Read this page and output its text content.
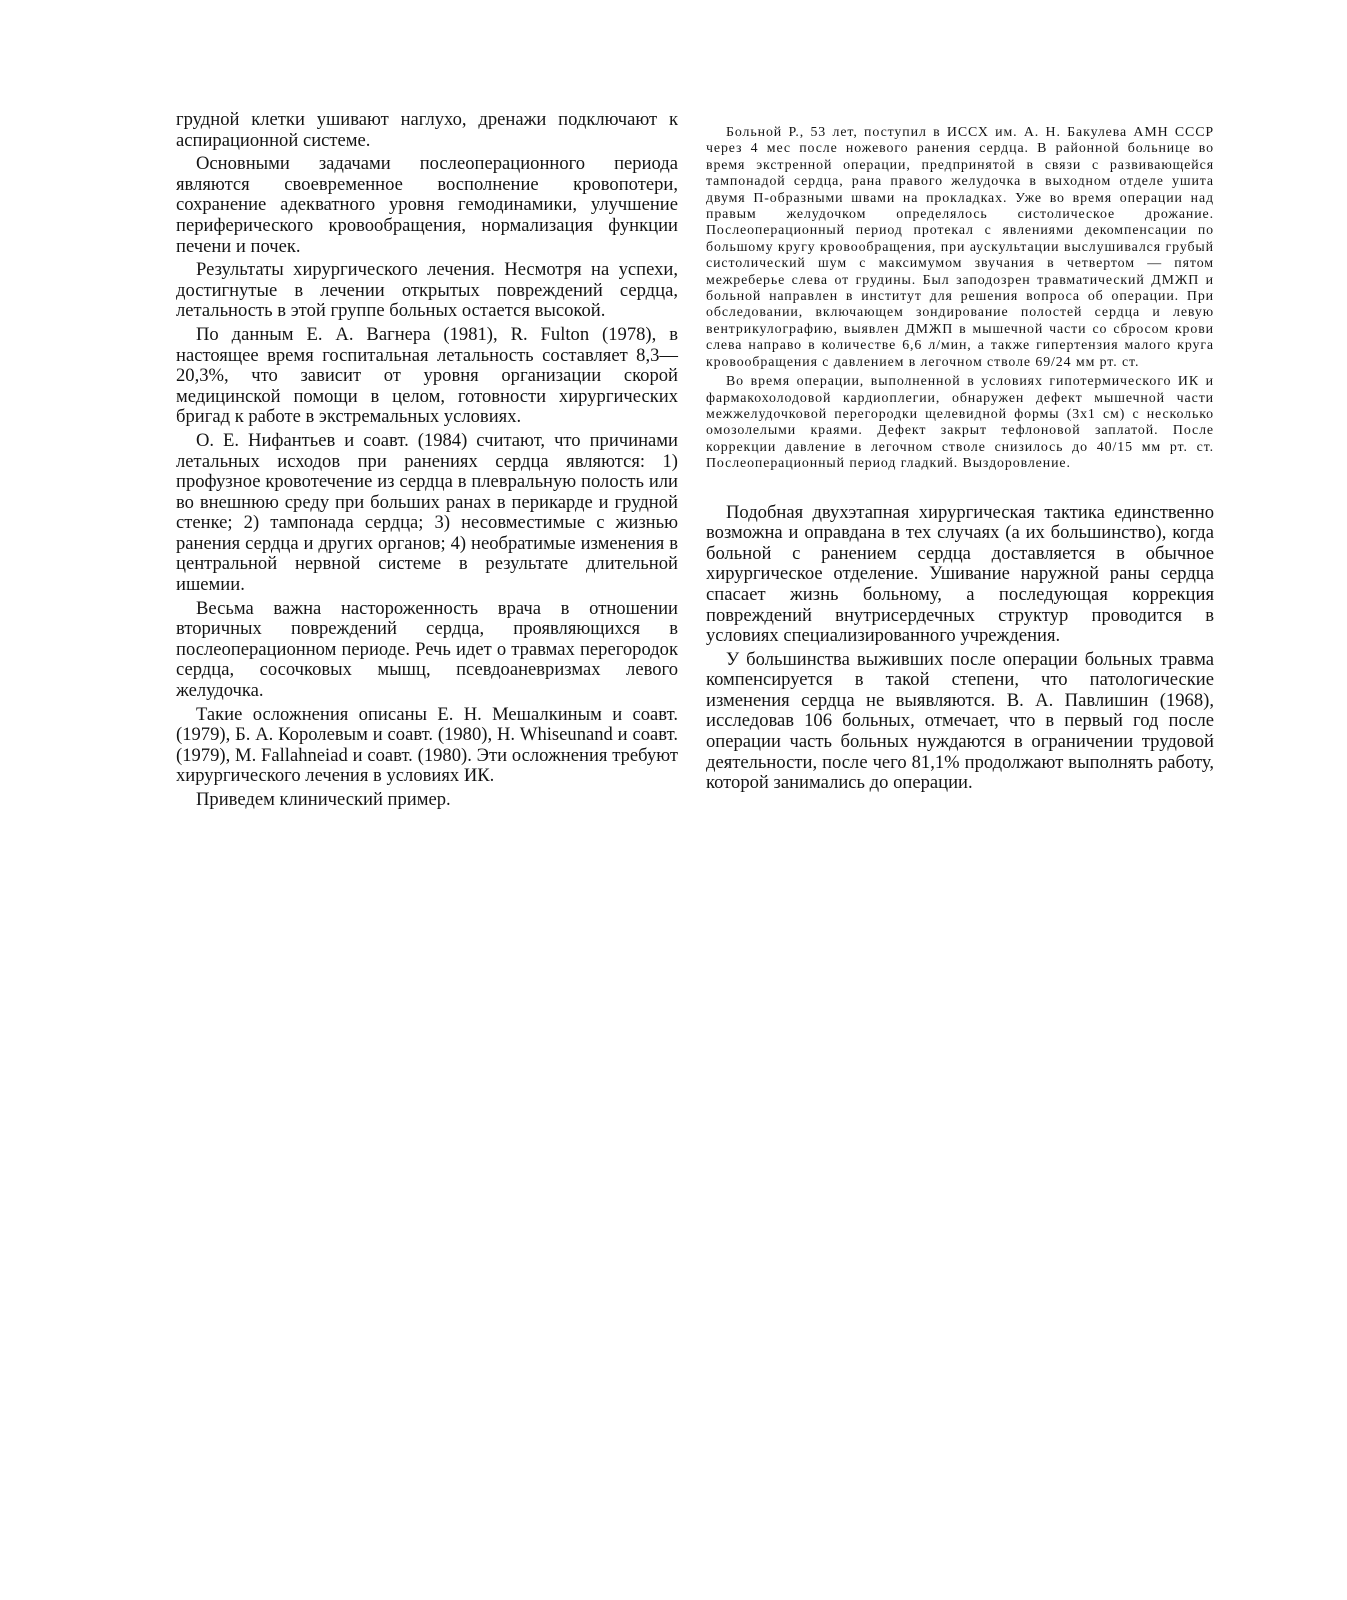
грудной клетки ушивают наглухо, дренажи подключают к аспирационной системе.

Основными задачами послеоперационного периода являются своевременное восполнение кровопотери, сохранение адекватного уровня гемодинамики, улучшение периферического кровообращения, нормализация функции печени и почек.

Результаты хирургического лечения. Несмотря на успехи, достигнутые в лечении открытых повреждений сердца, летальность в этой группе больных остается высокой.

По данным Е. А. Вагнера (1981), R. Fulton (1978), в настоящее время госпитальная летальность составляет 8,3—20,3%, что зависит от уровня организации скорой медицинской помощи в целом, готовности хирургических бригад к работе в экстремальных условиях.

О. Е. Нифантьев и соавт. (1984) считают, что причинами летальных исходов при ранениях сердца являются: 1) профузное кровотечение из сердца в плевральную полость или во внешнюю среду при больших ранах в перикарде и грудной стенке; 2) тампонада сердца; 3) несовместимые с жизнью ранения сердца и других органов; 4) необратимые изменения в центральной нервной системе в результате длительной ишемии.

Весьма важна настороженность врача в отношении вторичных повреждений сердца, проявляющихся в послеоперационном периоде. Речь идет о травмах перегородок сердца, сосочковых мышц, псевдоаневризмах левого желудочка.

Такие осложнения описаны Е. Н. Мешалкиным и соавт. (1979), Б. А. Королевым и соавт. (1980), Н. Whiseunand и соавт. (1979), М. Fallahneiad и соавт. (1980). Эти осложнения требуют хирургического лечения в условиях ИК.

Приведем клинический пример.

Больной Р., 53 лет, поступил в ИССХ им. А. Н. Бакулева АМН СССР через 4 мес после ножевого ранения сердца. В районной больнице во время экстренной операции, предпринятой в связи с развивающейся тампонадой сердца, рана правого желудочка в выходном отделе ушита двумя П-образными швами на прокладках. Уже во время операции над правым желудочком определялось систолическое дрожание. Послеоперационный период протекал с явлениями декомпенсации по большому кругу кровообращения, при аускультации выслушивался грубый систолический шум с максимумом звучания в четвертом — пятом межреберье слева от грудины. Был заподозрен травматический ДМЖП и больной направлен в институт для решения вопроса об операции. При обследовании, включающем зондирование полостей сердца и левую вентрикулографию, выявлен ДМЖП в мышечной части со сбросом крови слева направо в количестве 6,6 л/мин, а также гипертензия малого круга кровообращения с давлением в легочном стволе 69/24 мм рт. ст.

Во время операции, выполненной в условиях гипотермического ИК и фармакохолодовой кардиоплегии, обнаружен дефект мышечной части межжелудочковой перегородки щелевидной формы (3x1 см) с несколько омозолелыми краями. Дефект закрыт тефлоновой заплатой. После коррекции давление в легочном стволе снизилось до 40/15 мм рт. ст. Послеоперационный период гладкий. Выздоровление.

Подобная двухэтапная хирургическая тактика единственно возможна и оправдана в тех случаях (а их большинство), когда больной с ранением сердца доставляется в обычное хирургическое отделение. Ушивание наружной раны сердца спасает жизнь больному, а последующая коррекция повреждений внутрисердечных структур проводится в условиях специализированного учреждения.

У большинства выживших после операции больных травма компенсируется в такой степени, что патологические изменения сердца не выявляются. В. А. Павлишин (1968), исследовав 106 больных, отмечает, что в первый год после операции часть больных нуждаются в ограничении трудовой деятельности, после чего 81,1% продолжают выполнять работу, которой занимались до операции.
